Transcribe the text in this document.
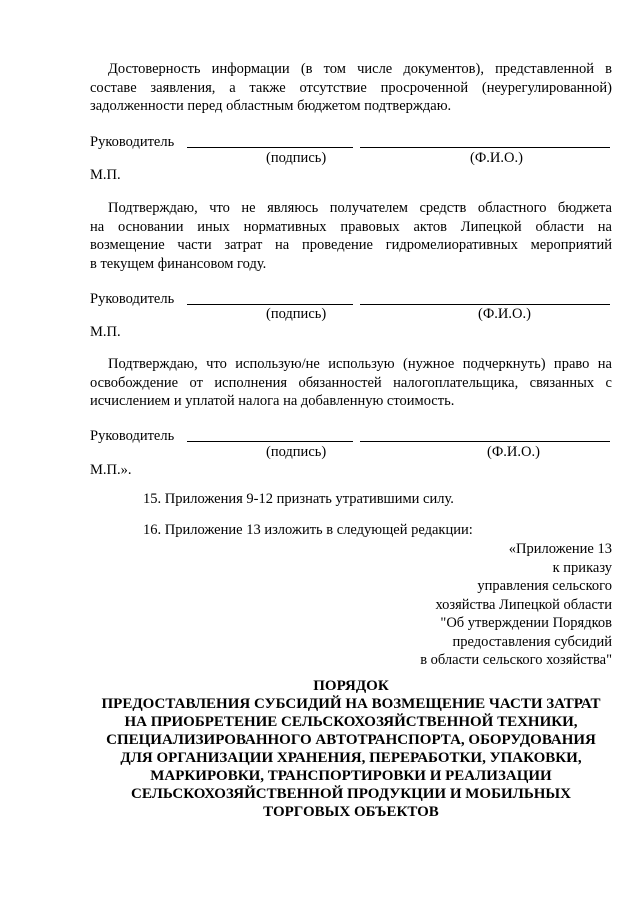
Достоверность информации (в том числе документов), представленной в
составе заявления, а также отсутствие просроченной (неурегулированной)
задолженности перед областным бюджетом подтверждаю.
Руководитель
(подпись)	(Ф.И.О.)
М.П.
Подтверждаю, что не являюсь получателем средств областного бюджета
на основании иных нормативных правовых актов Липецкой области на
возмещение части затрат на проведение гидромелиоративных мероприятий
в текущем финансовом году.
Руководитель
(подпись)	(Ф.И.О.)
М.П.
Подтверждаю, что использую/не использую (нужное подчеркнуть) право на
освобождение от исполнения обязанностей налогоплательщика, связанных с
исчислением и уплатой налога на добавленную стоимость.
Руководитель
(подпись)	(Ф.И.О.)
М.П.».
15. Приложения 9-12 признать утратившими силу.
16. Приложение 13 изложить в следующей редакции:
«Приложение 13
к приказу
управления сельского
хозяйства Липецкой области
"Об утверждении Порядков
предоставления субсидий
в области сельского хозяйства"
ПОРЯДОК
ПРЕДОСТАВЛЕНИЯ СУБСИДИЙ НА ВОЗМЕЩЕНИЕ ЧАСТИ ЗАТРАТ
НА ПРИОБРЕТЕНИЕ СЕЛЬСКОХОЗЯЙСТВЕННОЙ ТЕХНИКИ,
СПЕЦИАЛИЗИРОВАННОГО АВТОТРАНСПОРТА, ОБОРУДОВАНИЯ
ДЛЯ ОРГАНИЗАЦИИ ХРАНЕНИЯ, ПЕРЕРАБОТКИ, УПАКОВКИ,
МАРКИРОВКИ, ТРАНСПОРТИРОВКИ И РЕАЛИЗАЦИИ
СЕЛЬСКОХОЗЯЙСТВЕННОЙ ПРОДУКЦИИ И МОБИЛЬНЫХ
ТОРГОВЫХ ОБЪЕКТОВ
